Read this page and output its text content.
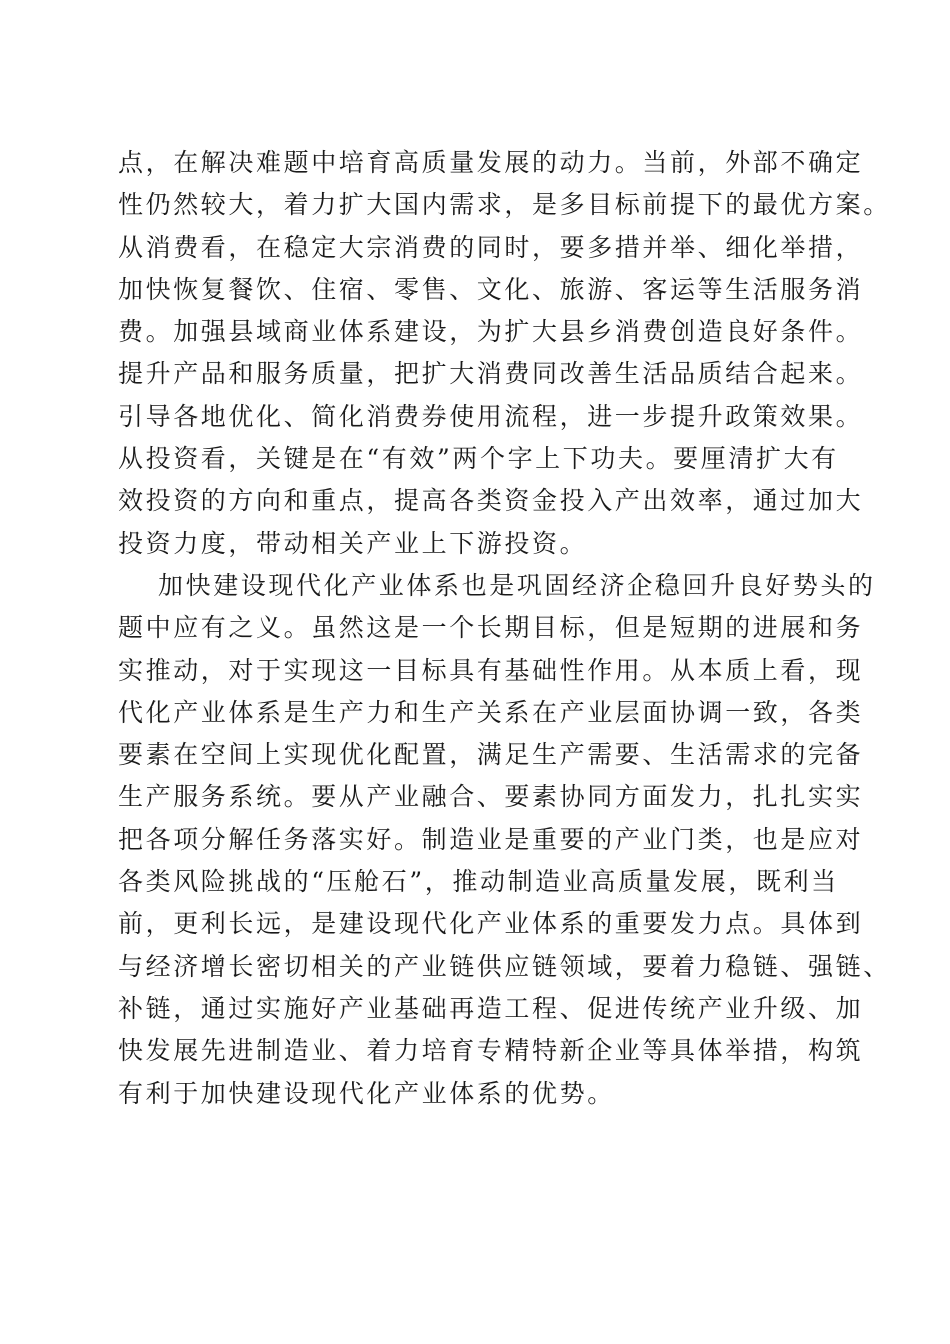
点，在解决难题中培育高质量发展的动力。当前，外部不确定
性仍然较大，着力扩大国内需求，是多目标前提下的最优方案。
从消费看，在稳定大宗消费的同时，要多措并举、细化举措，
加快恢复餐饮、住宿、零售、文化、旅游、客运等生活服务消
费。加强县域商业体系建设，为扩大县乡消费创造良好条件。
提升产品和服务质量，把扩大消费同改善生活品质结合起来。
引导各地优化、简化消费券使用流程，进一步提升政策效果。
从投资看，关键是在“有效”两个字上下功夫。要厘清扩大有
效投资的方向和重点，提高各类资金投入产出效率，通过加大
投资力度，带动相关产业上下游投资。
加快建设现代化产业体系也是巩固经济企稳回升良好势头的
题中应有之义。虽然这是一个长期目标，但是短期的进展和务
实推动，对于实现这一目标具有基础性作用。从本质上看，现
代化产业体系是生产力和生产关系在产业层面协调一致，各类
要素在空间上实现优化配置，满足生产需要、生活需求的完备
生产服务系统。要从产业融合、要素协同方面发力，扎扎实实
把各项分解任务落实好。制造业是重要的产业门类，也是应对
各类风险挑战的“压舱石”，推动制造业高质量发展，既利当
前，更利长远，是建设现代化产业体系的重要发力点。具体到
与经济增长密切相关的产业链供应链领域，要着力稳链、强链、
补链，通过实施好产业基础再造工程、促进传统产业升级、加
快发展先进制造业、着力培育专精特新企业等具体举措，构筑
有利于加快建设现代化产业体系的优势。
